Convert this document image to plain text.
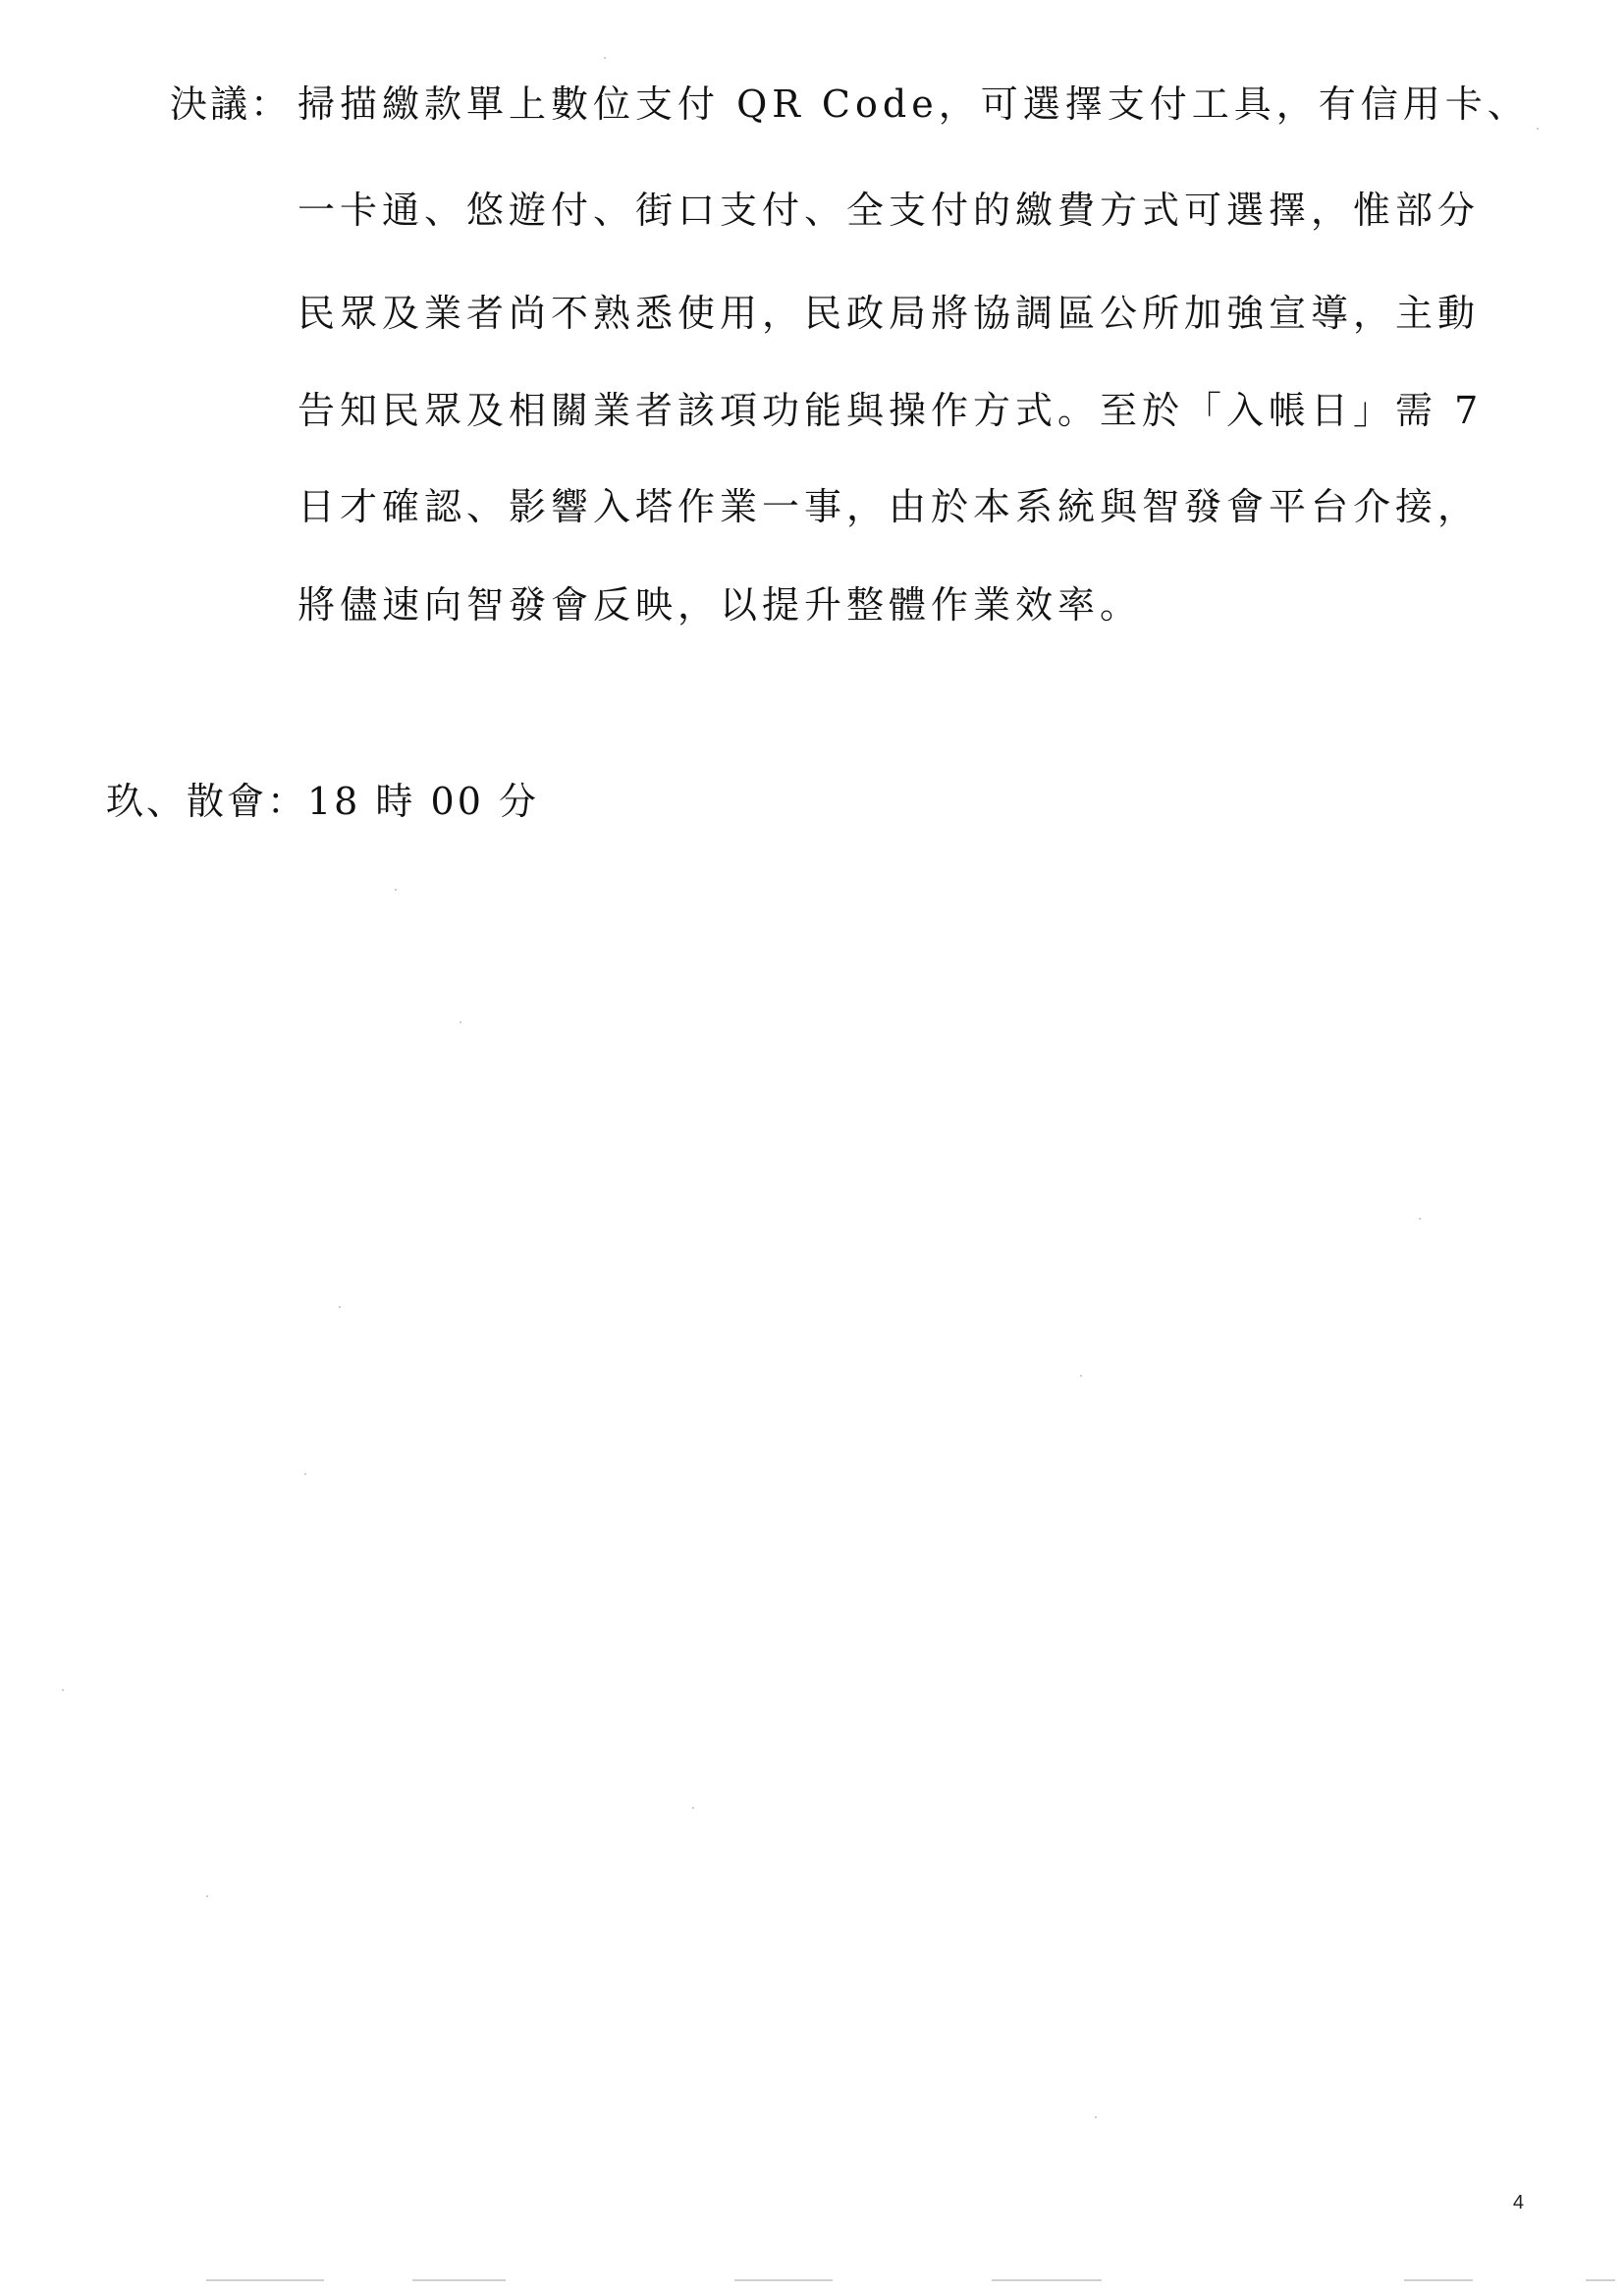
決議： 掃描繳款單上數位支付 QR Code，可選擇支付工具，有信用卡、
一卡通、悠遊付、街口支付、全支付的繳費方式可選擇，惟部分
民眾及業者尚不熟悉使用，民政局將協調區公所加強宣導，主動
告知民眾及相關業者該項功能與操作方式。至於「入帳日」需 7
日才確認、影響入塔作業一事，由於本系統與智發會平台介接，
將儘速向智發會反映，以提升整體作業效率。
玖、散會：18 時 00 分
4
